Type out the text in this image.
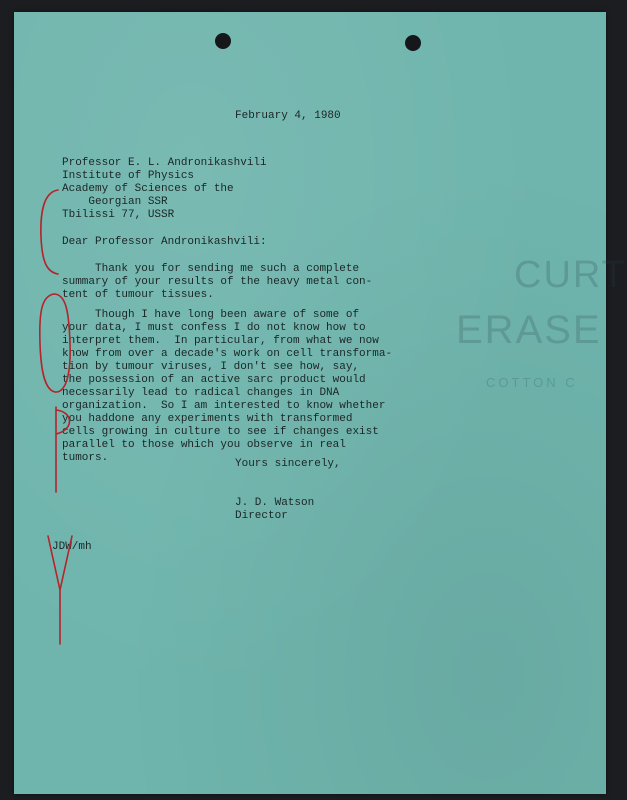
CURT
ERASE
COTTON C
February 4, 1980
Professor E. L. Andronikashvili
Institute of Physics
Academy of Sciences of the
Georgian SSR
Tbilissi 77, USSR
Dear Professor Andronikashvili:
Thank you for sending me such a complete
summary of your results of the heavy metal con-
tent of tumour tissues.
Though I have long been aware of some of
your data, I must confess I do not know how to
interpret them.  In particular, from what we now
know from over a decade's work on cell transforma-
tion by tumour viruses, I don't see how, say,
the possession of an active sarc product would
necessarily lead to radical changes in DNA
organization.  So I am interested to know whether
you haddone any experiments with transformed
cells growing in culture to see if changes exist
parallel to those which you observe in real
tumors.	Yours sincerely,
J. D. Watson
Director
JDW/mh
